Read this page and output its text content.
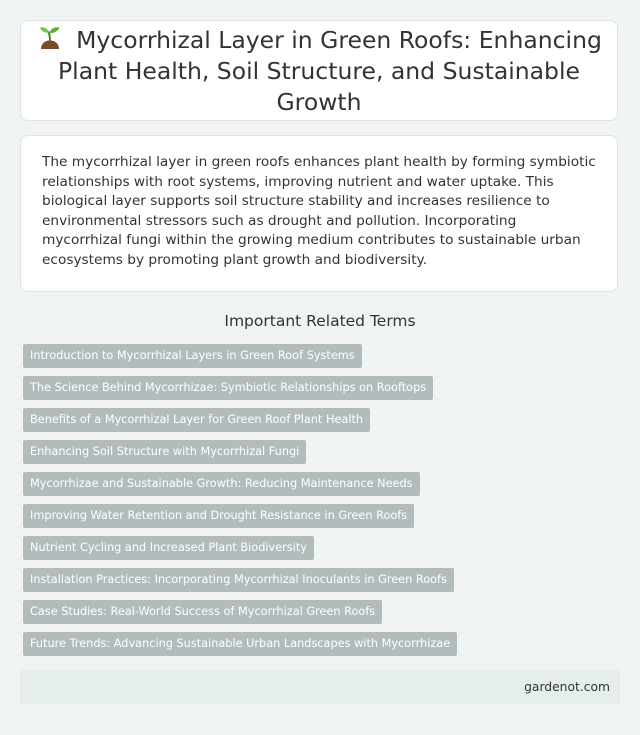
Mycorrhizal Layer in Green Roofs: Enhancing Plant Health, Soil Structure, and Sustainable Growth

The mycorrhizal layer in green roofs enhances plant health by forming symbiotic relationships with root systems, improving nutrient and water uptake. This biological layer supports soil structure stability and increases resilience to environmental stressors such as drought and pollution. Incorporating mycorrhizal fungi within the growing medium contributes to sustainable urban ecosystems by promoting plant growth and biodiversity.

Important Related Terms
Introduction to Mycorrhizal Layers in Green Roof Systems
The Science Behind Mycorrhizae: Symbiotic Relationships on Rooftops
Benefits of a Mycorrhizal Layer for Green Roof Plant Health
Enhancing Soil Structure with Mycorrhizal Fungi
Mycorrhizae and Sustainable Growth: Reducing Maintenance Needs
Improving Water Retention and Drought Resistance in Green Roofs
Nutrient Cycling and Increased Plant Biodiversity
Installation Practices: Incorporating Mycorrhizal Inoculants in Green Roofs
Case Studies: Real-World Success of Mycorrhizal Green Roofs
Future Trends: Advancing Sustainable Urban Landscapes with Mycorrhizae
gardenot.com
